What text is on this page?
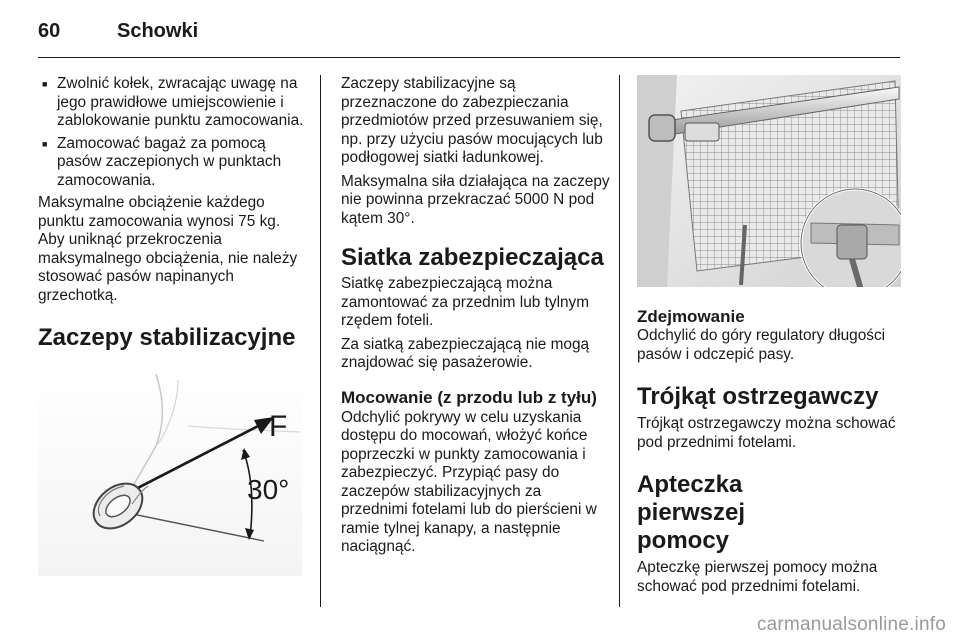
60	Schowki
■ Zwolnić kołek, zwracając uwagę na jego prawidłowe umiejscowienie i zablokowanie punktu zamocowania.
■ Zamocować bagaż za pomocą pasów zaczepionych w punktach zamocowania.

Maksymalne obciążenie każdego punktu zamocowania wynosi 75 kg. Aby uniknąć przekroczenia maksymalnego obciążenia, nie należy stosować pasów napinanych grzechotką.

Zaczepy stabilizacyjne
F
30°

Zaczepy stabilizacyjne są przeznaczone do zabezpieczania przedmiotów przed przesuwaniem się, np. przy użyciu pasów mocujących lub podłogowej siatki ładunkowej.

Maksymalna siła działająca na zaczepy nie powinna przekraczać 5000 N pod kątem 30°.

Siatka zabezpieczająca

Siatkę zabezpieczającą można zamontować za przednim lub tylnym rzędem foteli.

Za siatką zabezpieczającą nie mogą znajdować się pasażerowie.

Mocowanie (z przodu lub z tyłu)

Odchylić pokrywy w celu uzyskania dostępu do mocowań, włożyć końce poprzeczki w punkty zamocowania i zabezpieczyć. Przypiąć pasy do zaczepów stabilizacyjnych za przednimi fotelami lub do pierścieni w ramie tylnej kanapy, a następnie naciągnąć.

Zdejmowanie

Odchylić do góry regulatory długości pasów i odczepić pasy.

Trójkąt ostrzegawczy

Trójkąt ostrzegawczy można schować pod przednimi fotelami.

Apteczka pierwszej pomocy

Apteczkę pierwszej pomocy można schować pod przednimi fotelami.

carmanualsonline.info
